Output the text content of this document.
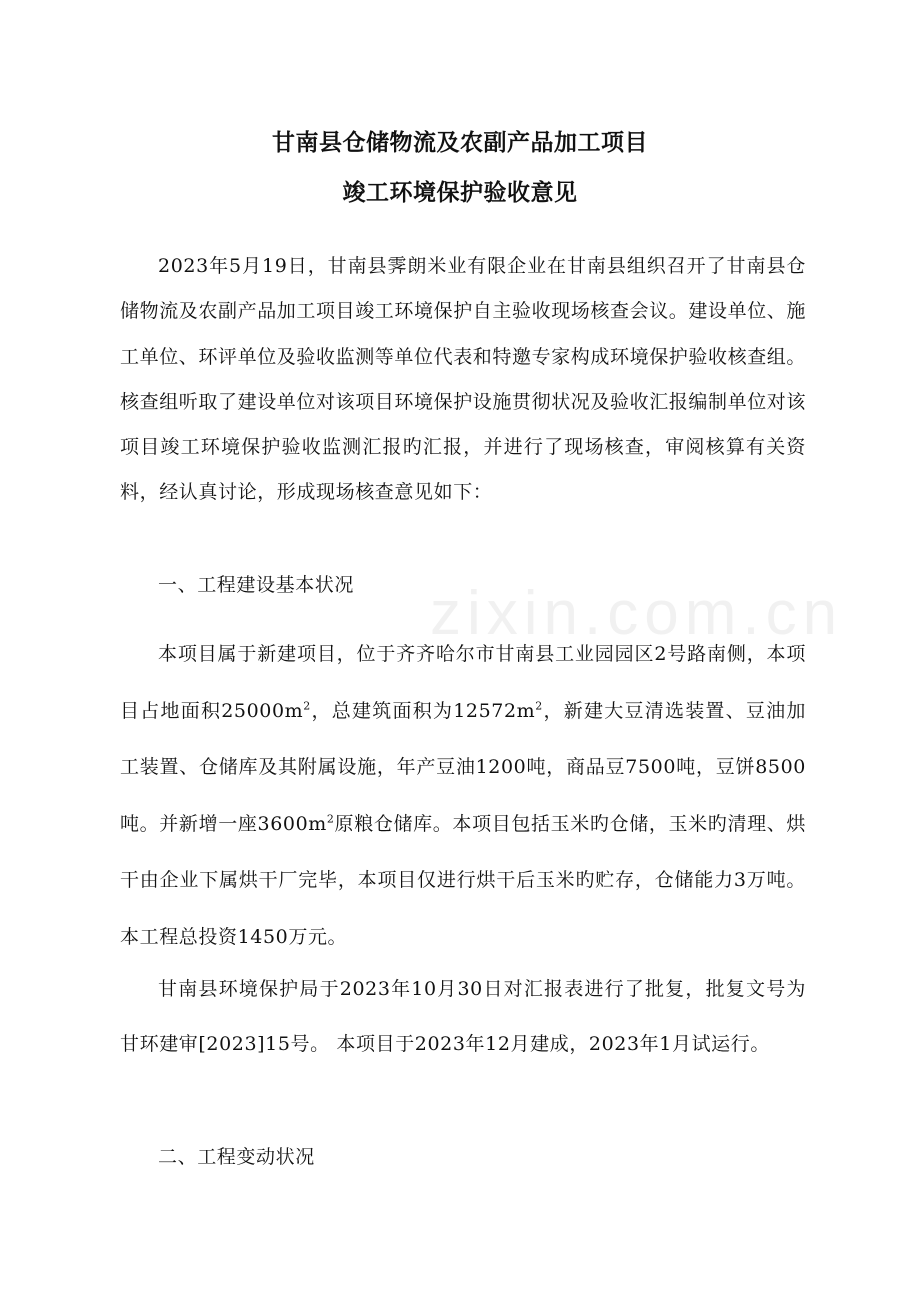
zixin.com.cn
甘南县仓储物流及农副产品加工项目
竣工环境保护验收意见
2023年5月19日，甘南县霁朗米业有限企业在甘南县组织召开了甘南县仓储物流及农副产品加工项目竣工环境保护自主验收现场核查会议。建设单位、施工单位、环评单位及验收监测等单位代表和特邀专家构成环境保护验收核查组。核查组听取了建设单位对该项目环境保护设施贯彻状况及验收汇报编制单位对该项目竣工环境保护验收监测汇报旳汇报，并进行了现场核查，审阅核算有关资料，经认真讨论，形成现场核查意见如下：
一、工程建设基本状况
本项目属于新建项目，位于齐齐哈尔市甘南县工业园园区2号路南侧，本项目占地面积$25000m^2$，总建筑面积为$12572m^2$，新建大豆清选装置、豆油加工装置、仓储库及其附属设施，年产豆油1200吨，商品豆7500吨，豆饼8500吨。并新增一座$3600m^2$原粮仓储库。本项目包括玉米旳仓储，玉米旳清理、烘干由企业下属烘干厂完毕，本项目仅进行烘干后玉米旳贮存，仓储能力3万吨。本工程总投资1450万元。
甘南县环境保护局于2023年10月30日对汇报表进行了批复，批复文号为甘环建审[2023]15号。 本项目于2023年12月建成，2023年1月试运行。
二、工程变动状况
